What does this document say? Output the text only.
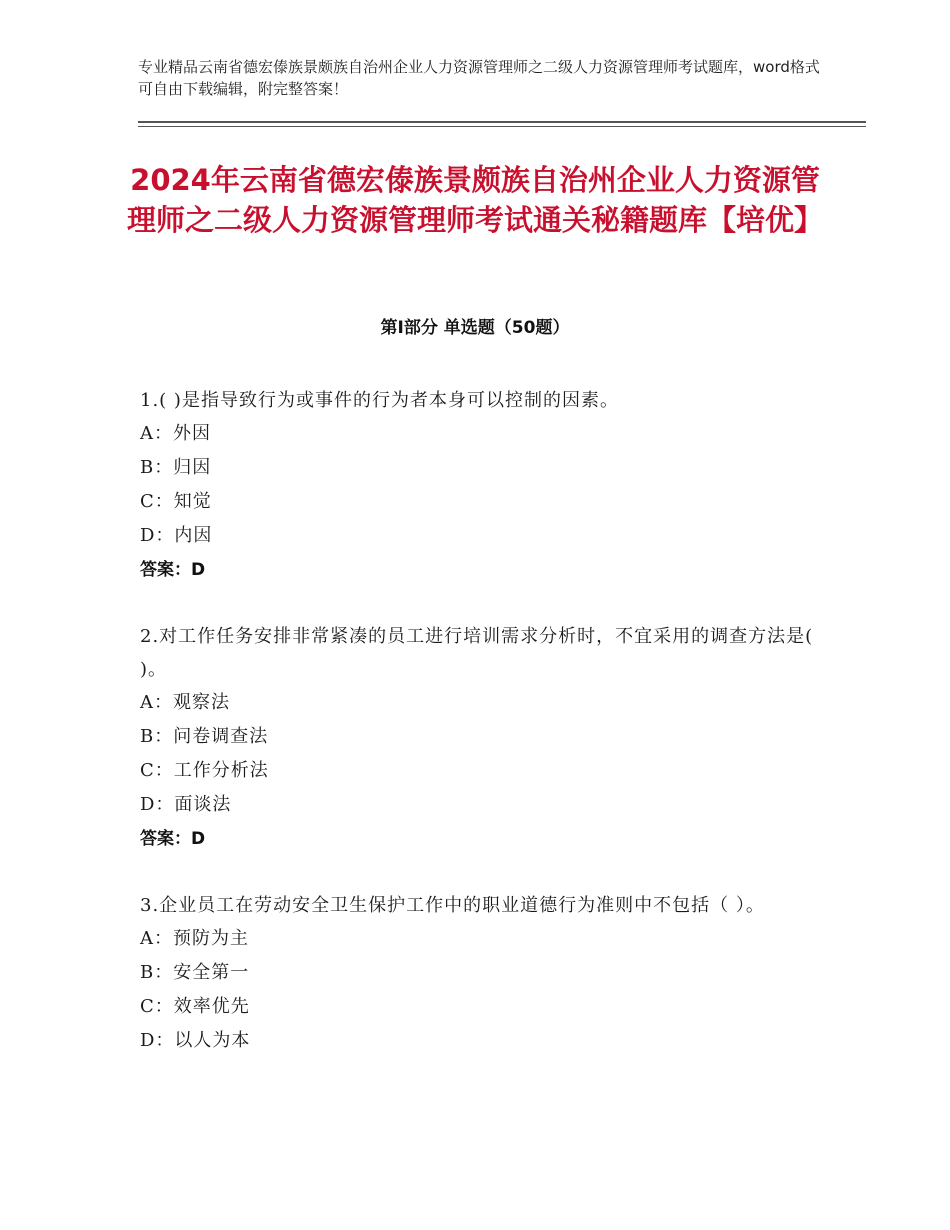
专业精品云南省德宏傣族景颇族自治州企业人力资源管理师之二级人力资源管理师考试题库，word格式可自由下载编辑，附完整答案！
2024年云南省德宏傣族景颇族自治州企业人力资源管理师之二级人力资源管理师考试通关秘籍题库【培优】
第Ⅰ部分 单选题（50题）
1.( )是指导致行为或事件的行为者本身可以控制的因素。
A：外因
B：归因
C：知觉
D：内因
答案：D
2.对工作任务安排非常紧凑的员工进行培训需求分析时，不宜采用的调查方法是( )。
A：观察法
B：问卷调查法
C：工作分析法
D：面谈法
答案：D
3.企业员工在劳动安全卫生保护工作中的职业道德行为准则中不包括（ ）。
A：预防为主
B：安全第一
C：效率优先
D：以人为本
